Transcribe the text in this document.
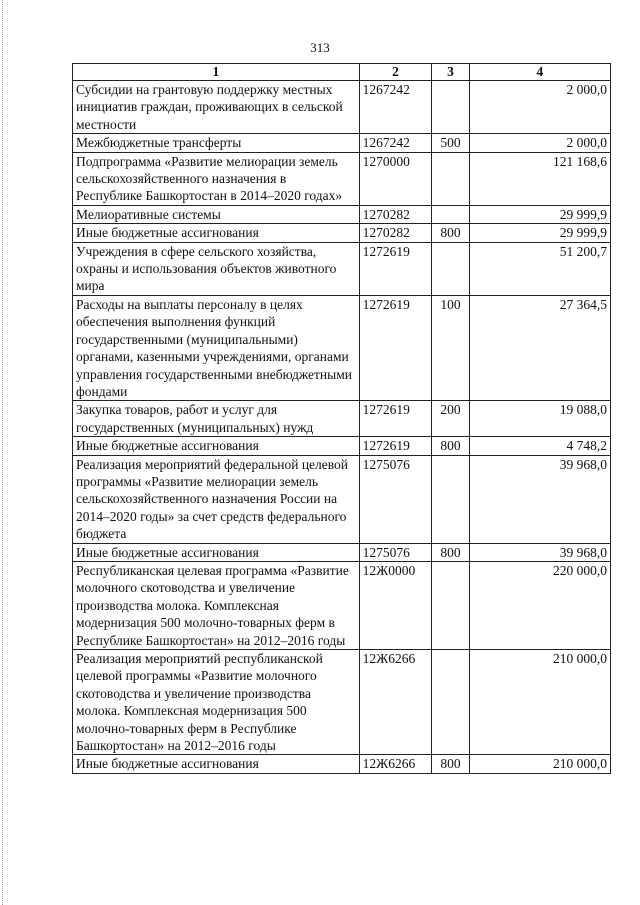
313
1	2	3	4
Субсидии на грантовую поддержку местных инициатив граждан, проживающих в сельской местности	1267242		2 000,0
Межбюджетные трансферты	1267242	500	2 000,0
Подпрограмма «Развитие мелиорации земель сельскохозяйственного назначения в Республике Башкортостан в 2014–2020 годах»	1270000		121 168,6
Мелиоративные системы	1270282		29 999,9
Иные бюджетные ассигнования	1270282	800	29 999,9
Учреждения в сфере сельского хозяйства, охраны и использования объектов животного мира	1272619		51 200,7
Расходы на выплаты персоналу в целях обеспечения выполнения функций государственными (муниципальными) органами, казенными учреждениями, органами управления государственными внебюджетными фондами	1272619	100	27 364,5
Закупка товаров, работ и услуг для государственных (муниципальных) нужд	1272619	200	19 088,0
Иные бюджетные ассигнования	1272619	800	4 748,2
Реализация мероприятий федеральной целевой программы «Развитие мелиорации земель сельскохозяйственного назначения России на 2014–2020 годы» за счет средств федерального бюджета	1275076		39 968,0
Иные бюджетные ассигнования	1275076	800	39 968,0
Республиканская целевая программа «Развитие молочного скотоводства и увеличение производства молока. Комплексная модернизация 500 молочно-товарных ферм в Республике Башкортостан» на 2012–2016 годы	12Ж0000		220 000,0
Реализация мероприятий республиканской целевой программы «Развитие молочного скотоводства и увеличение производства молока. Комплексная модернизация 500 молочно-товарных ферм в Республике Башкортостан» на 2012–2016 годы	12Ж6266		210 000,0
Иные бюджетные ассигнования	12Ж6266	800	210 000,0
